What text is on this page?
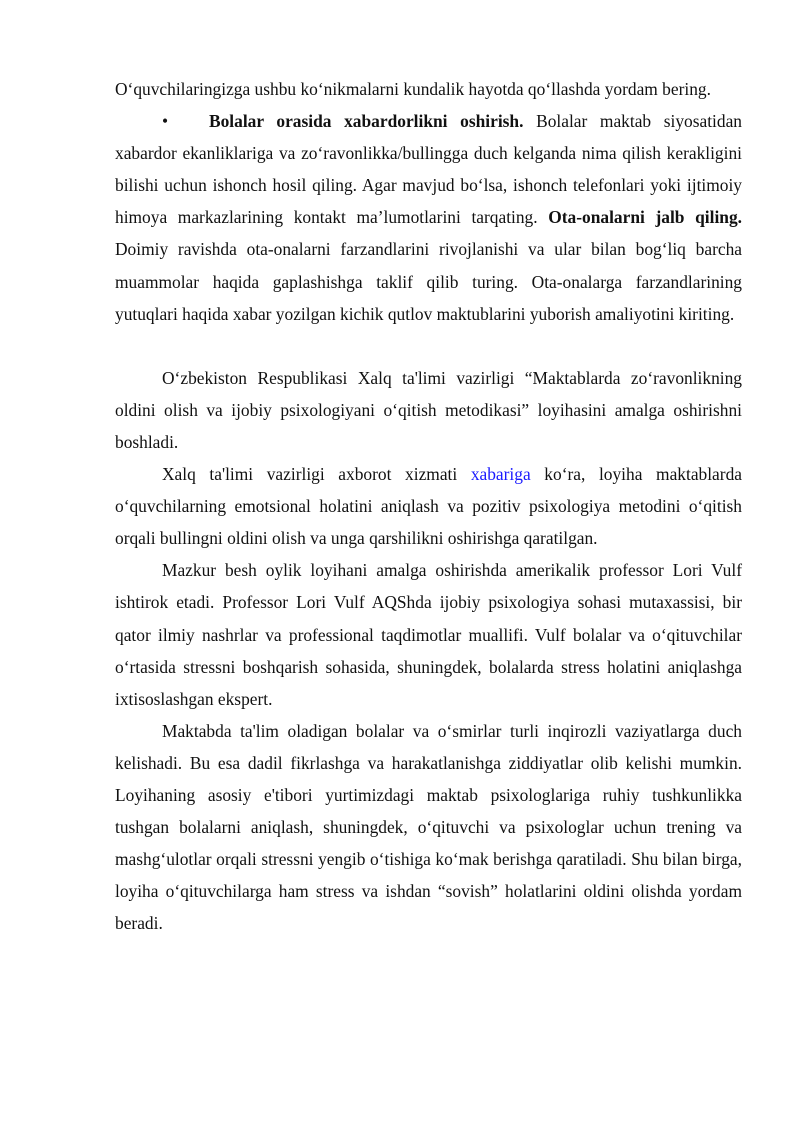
O‘quvchilaringizga ushbu ko‘nikmalarni kundalik hayotda qo‘llashda yordam bering.

• Bolalar orasida xabardorlikni oshirish. Bolalar maktab siyosatidan xabardor ekanliklariga va zo‘ravonlikka/bullingga duch kelganda nima qilish kerakligini bilishi uchun ishonch hosil qiling. Agar mavjud bo‘lsa, ishonch telefonlari yoki ijtimoiy himoya markazlarining kontakt ma’lumotlarini tarqating. Ota-onalarni jalb qiling. Doimiy ravishda ota-onalarni farzandlarini rivojlanishi va ular bilan bog‘liq barcha muammolar haqida gaplashishga taklif qilib turing. Ota-onalarga farzandlarining yutuqlari haqida xabar yozilgan kichik qutlov maktublarini yuborish amaliyotini kiriting.

O‘zbekiston Respublikasi Xalq ta'limi vazirligi “Maktablarda zo‘ravonlikning oldini olish va ijobiy psixologiyani o‘qitish metodikasi” loyihasini amalga oshirishni boshladi.

Xalq ta'limi vazirligi axborot xizmati xabariga ko‘ra, loyiha maktablarda o‘quvchilarning emotsional holatini aniqlash va pozitiv psixologiya metodini o‘qitish orqali bullingni oldini olish va unga qarshilikni oshirishga qaratilgan.

Mazkur besh oylik loyihani amalga oshirishda amerikalik professor Lori Vulf ishtirok etadi. Professor Lori Vulf AQShda ijobiy psixologiya sohasi mutaxassisi, bir qator ilmiy nashrlar va professional taqdimotlar muallifi. Vulf bolalar va o‘qituvchilar o‘rtasida stressni boshqarish sohasida, shuningdek, bolalarda stress holatini aniqlashga ixtisoslashgan ekspert.

Maktabda ta'lim oladigan bolalar va o‘smirlar turli inqirozli vaziyatlarga duch kelishadi. Bu esa dadil fikrlashga va harakatlanishga ziddiyatlar olib kelishi mumkin. Loyihaning asosiy e'tibori yurtimizdagi maktab psixologlariga ruhiy tushkunlikka tushgan bolalarni aniqlash, shuningdek, o‘qituvchi va psixologlar uchun trening va mashg‘ulotlar orqali stressni yengib o‘tishiga ko‘mak berishga qaratiladi. Shu bilan birga, loyiha o‘qituvchilarga ham stress va ishdan “sovish” holatlarini oldini olishda yordam beradi.
